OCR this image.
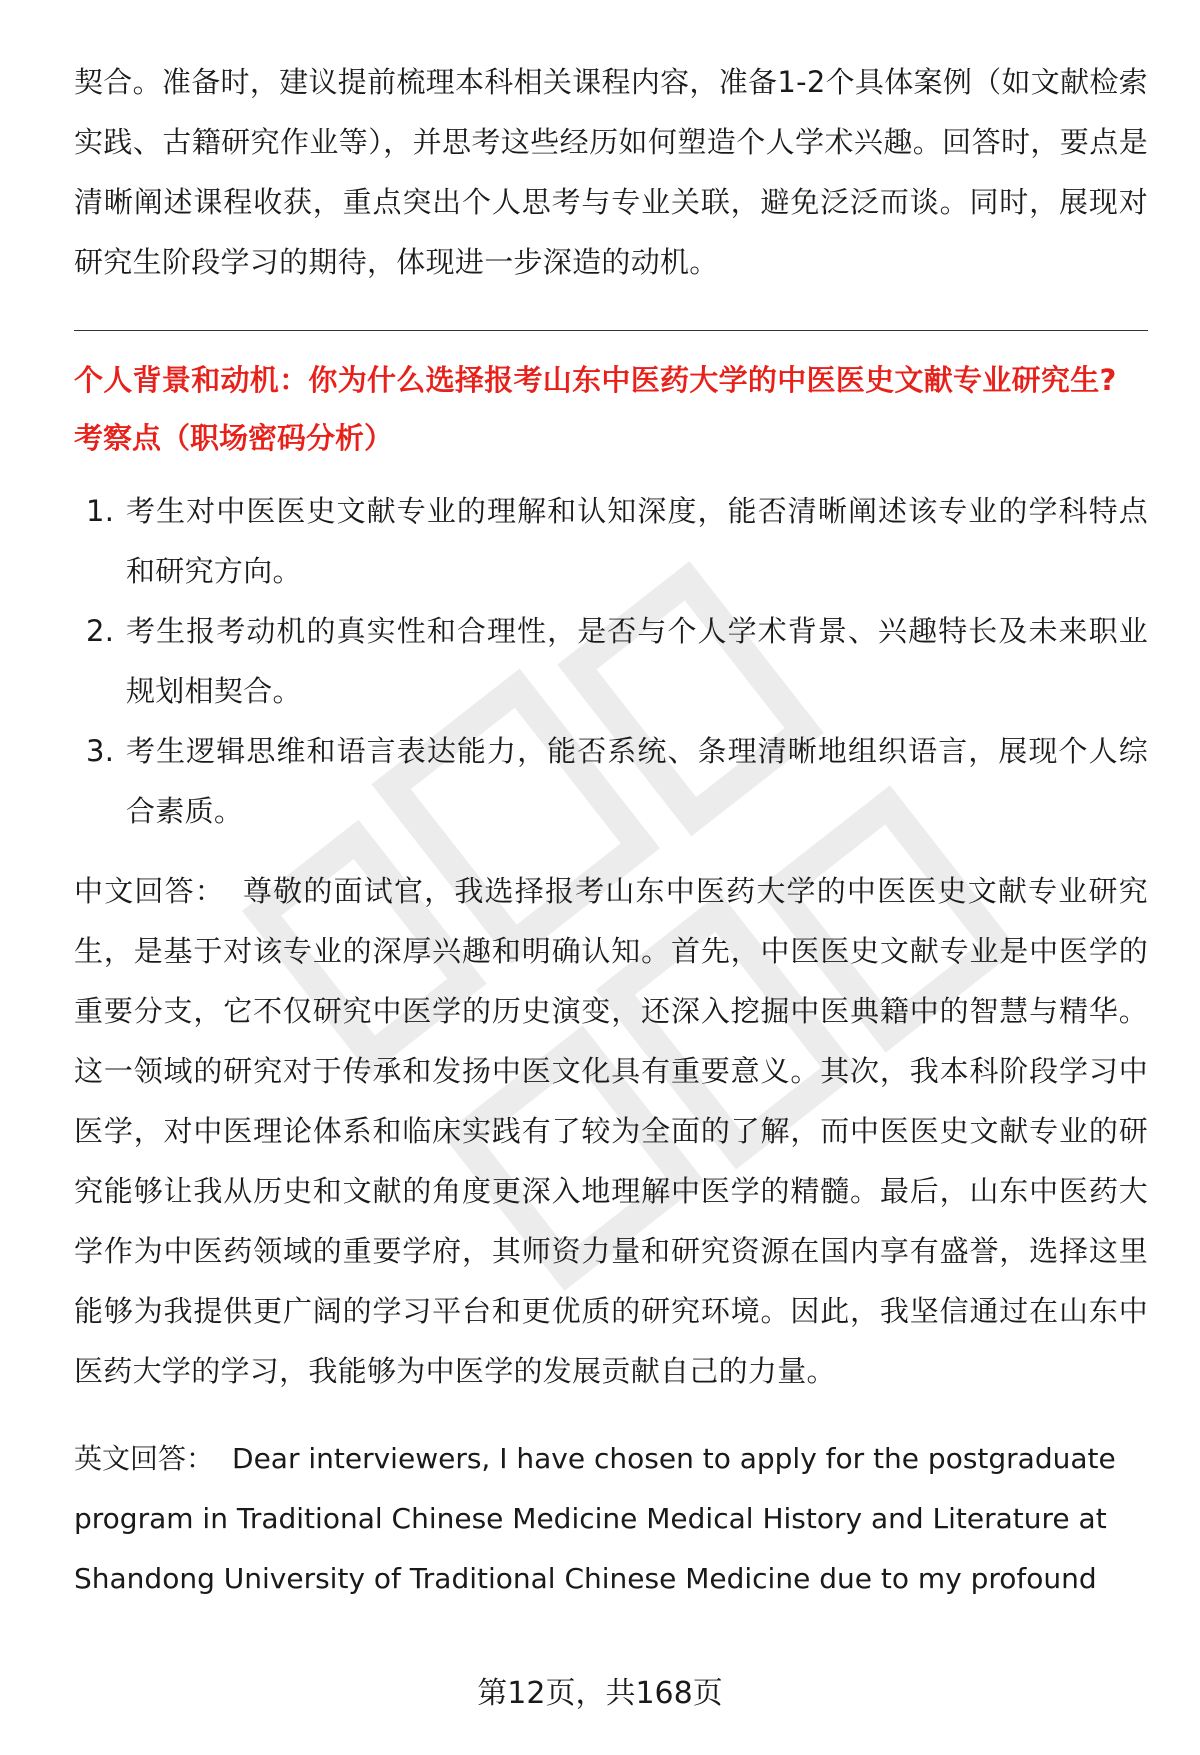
契合。准备时，建议提前梳理本科相关课程内容，准备1-2个具体案例（如文献检索实践、古籍研究作业等），并思考这些经历如何塑造个人学术兴趣。回答时，要点是清晰阐述课程收获，重点突出个人思考与专业关联，避免泛泛而谈。同时，展现对研究生阶段学习的期待，体现进一步深造的动机。

个人背景和动机：你为什么选择报考山东中医药大学的中医医史文献专业研究生?

考察点（职场密码分析）

1. 考生对中医医史文献专业的理解和认知深度，能否清晰阐述该专业的学科特点和研究方向。
2. 考生报考动机的真实性和合理性，是否与个人学术背景、兴趣特长及未来职业规划相契合。
3. 考生逻辑思维和语言表达能力，能否系统、条理清晰地组织语言，展现个人综合素质。

中文回答： 尊敬的面试官，我选择报考山东中医药大学的中医医史文献专业研究生，是基于对该专业的深厚兴趣和明确认知。首先，中医医史文献专业是中医学的重要分支，它不仅研究中医学的历史演变，还深入挖掘中医典籍中的智慧与精华。这一领域的研究对于传承和发扬中医文化具有重要意义。其次，我本科阶段学习中医学，对中医理论体系和临床实践有了较为全面的了解，而中医医史文献专业的研究能够让我从历史和文献的角度更深入地理解中医学的精髓。最后，山东中医药大学作为中医药领域的重要学府，其师资力量和研究资源在国内享有盛誉，选择这里能够为我提供更广阔的学习平台和更优质的研究环境。因此，我坚信通过在山东中医药大学的学习，我能够为中医学的发展贡献自己的力量。

英文回答： Dear interviewers, I have chosen to apply for the postgraduate program in Traditional Chinese Medicine Medical History and Literature at Shandong University of Traditional Chinese Medicine due to my profound

第12页，共168页
